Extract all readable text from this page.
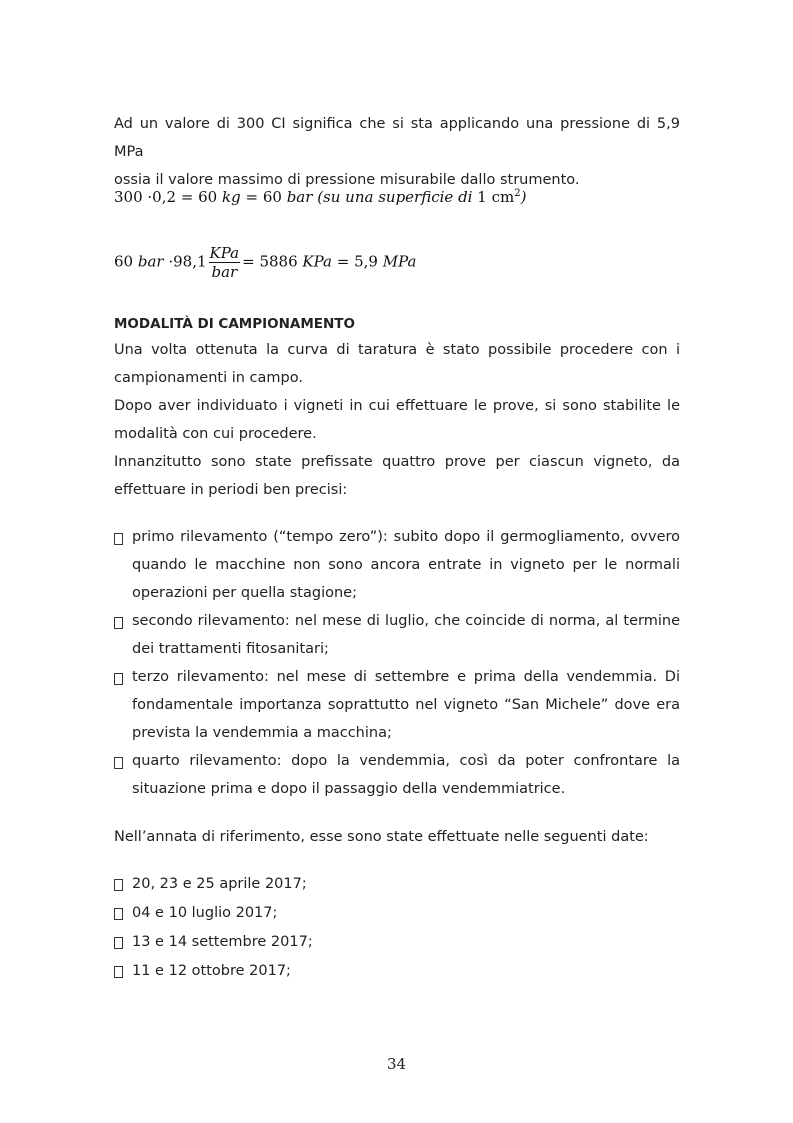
Ad un valore di 300 CI significa che si sta applicando una pressione di 5,9 MPa
ossia il valore massimo di pressione misurabile dallo strumento.
300 ·0,2 = 60 kg = 60 bar (su una superficie di 1 $cm^2$)
60 bar $\cdot 98,1 \frac{\text{KPa}}{\text{bar}} = 5886$ KPa = 5,9 MPa
MODALITÀ DI CAMPIONAMENTO
Una volta ottenuta la curva di taratura è stato possibile procedere con i
campionamenti in campo.
Dopo aver individuato i vigneti in cui effettuare le prove, si sono stabilite le
modalità con cui procedere.
Innanzitutto sono state prefissate quattro prove per ciascun vigneto, da
effettuare in periodi ben precisi:
primo rilevamento (“tempo zero”): subito dopo il germogliamento, ovvero
quando le macchine non sono ancora entrate in vigneto per le normali
operazioni per quella stagione;
secondo rilevamento: nel mese di luglio, che coincide di norma, al termine
dei trattamenti fitosanitari;
terzo rilevamento: nel mese di settembre e prima della vendemmia. Di
fondamentale importanza soprattutto nel vigneto “San Michele” dove era
prevista la vendemmia a macchina;
quarto rilevamento: dopo la vendemmia, così da poter confrontare la
situazione prima e dopo il passaggio della vendemmiatrice.
Nell’annata di riferimento, esse sono state effettuate nelle seguenti date:
20, 23 e 25 aprile 2017;
04 e 10 luglio 2017;
13 e 14 settembre 2017;
11 e 12 ottobre 2017;
34
